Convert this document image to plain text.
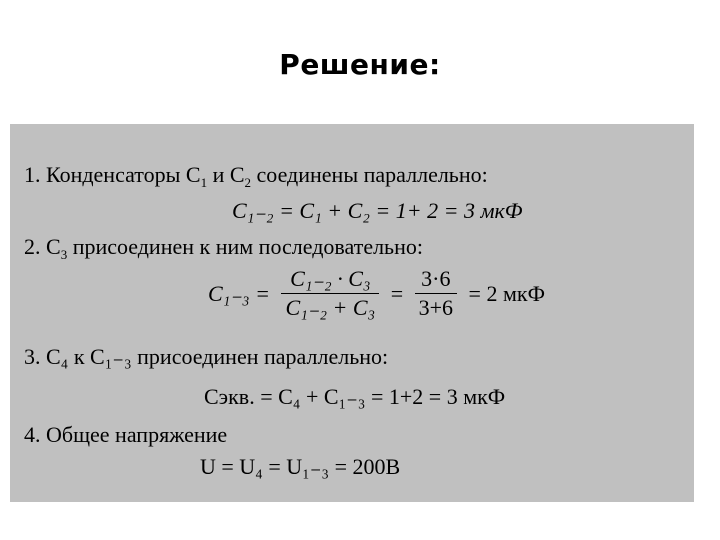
Решение:
1. Конденсаторы $C_1$ и $C_2$ соединены параллельно:
C₁₋₂ = C₁ + C₂ = 1+ 2 = 3 мкФ
2. $C_3$ присоединен к ним последовательно:
$C_{1-3} = \frac{\text{C₁₋₂ · C₃}}{\text{C₁₋₂ + C₃}} = \frac{3\cdot 6}{3+6} = 2$ мкФ
3. C₄ к C₁₋₃ присоединен параллельно:
Cэкв. = C₄ + C₁₋₃ = 1+2 = 3 мкФ
4. Общее напряжение
U = U₄ = U₁₋₃ = 200B
